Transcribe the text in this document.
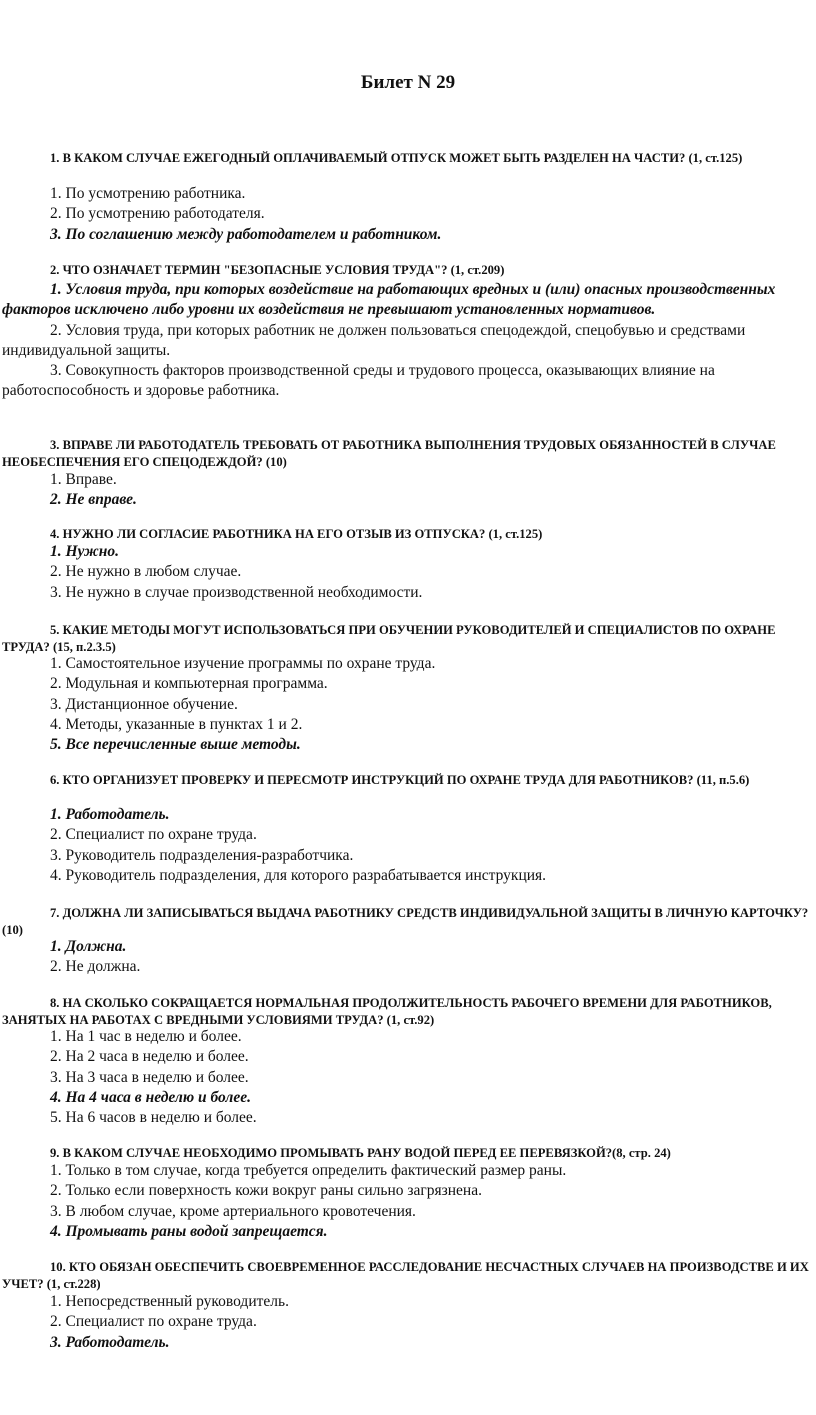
Билет N 29

1. В КАКОМ СЛУЧАЕ ЕЖЕГОДНЫЙ ОПЛАЧИВАЕМЫЙ ОТПУСК МОЖЕТ БЫТЬ РАЗДЕЛЕН НА ЧАСТИ? (1, ст.125)

1. По усмотрению работника.

2. По усмотрению работодателя.

3. По соглашению между работодателем и работником.

2. ЧТО ОЗНАЧАЕТ ТЕРМИН "БЕЗОПАСНЫЕ УСЛОВИЯ ТРУДА"? (1, ст.209)

1. Условия труда, при которых воздействие на работающих вредных и (или) опасных производственных факторов исключено либо уровни их воздействия не превышают установленных нормативов.

2. Условия труда, при которых работник не должен пользоваться спецодеждой, спецобувью и средствами индивидуальной защиты.

3. Совокупность факторов производственной среды и трудового процесса, оказывающих влияние на работоспособность и здоровье работника.

3. ВПРАВЕ ЛИ РАБОТОДАТЕЛЬ ТРЕБОВАТЬ ОТ РАБОТНИКА ВЫПОЛНЕНИЯ ТРУДОВЫХ ОБЯЗАННОСТЕЙ В СЛУЧАЕ НЕОБЕСПЕЧЕНИЯ ЕГО СПЕЦОДЕЖДОЙ? (10)

1. Вправе.

2. Не вправе.

4. НУЖНО ЛИ СОГЛАСИЕ РАБОТНИКА НА ЕГО ОТЗЫВ ИЗ ОТПУСКА? (1, ст.125)

1. Нужно.

2. Не нужно в любом случае.

3. Не нужно в случае производственной необходимости.

5. КАКИЕ МЕТОДЫ МОГУТ ИСПОЛЬЗОВАТЬСЯ ПРИ ОБУЧЕНИИ РУКОВОДИТЕЛЕЙ И СПЕЦИАЛИСТОВ ПО ОХРАНЕ ТРУДА? (15, п.2.3.5)

1. Самостоятельное изучение программы по охране труда.

2. Модульная и компьютерная программа.

3. Дистанционное обучение.

4. Методы, указанные в пунктах 1 и 2.

5. Все перечисленные выше методы.

6. КТО ОРГАНИЗУЕТ ПРОВЕРКУ И ПЕРЕСМОТР ИНСТРУКЦИЙ ПО ОХРАНЕ ТРУДА ДЛЯ РАБОТНИКОВ? (11, п.5.6)

1. Работодатель.

2. Специалист по охране труда.

3. Руководитель подразделения-разработчика.

4. Руководитель подразделения, для которого разрабатывается инструкция.

7. ДОЛЖНА ЛИ ЗАПИСЫВАТЬСЯ ВЫДАЧА РАБОТНИКУ СРЕДСТВ ИНДИВИДУАЛЬНОЙ ЗАЩИТЫ В ЛИЧНУЮ КАРТОЧКУ? (10)

1. Должна.

2. Не должна.

8. НА СКОЛЬКО СОКРАЩАЕТСЯ НОРМАЛЬНАЯ ПРОДОЛЖИТЕЛЬНОСТЬ РАБОЧЕГО ВРЕМЕНИ ДЛЯ РАБОТНИКОВ, ЗАНЯТЫХ НА РАБОТАХ С ВРЕДНЫМИ УСЛОВИЯМИ ТРУДА? (1, ст.92)

1. На 1 час в неделю и более.

2. На 2 часа в неделю и более.

3. На 3 часа в неделю и более.

4. На 4 часа в неделю и более.

5. На 6 часов в неделю и более.

9. В КАКОМ СЛУЧАЕ НЕОБХОДИМО ПРОМЫВАТЬ РАНУ ВОДОЙ ПЕРЕД ЕЕ ПЕРЕВЯЗКОЙ?(8, стр. 24)

1. Только в том случае, когда требуется определить фактический размер раны.

2. Только если поверхность кожи вокруг раны сильно загрязнена.

3. В любом случае, кроме артериального кровотечения.

4. Промывать раны водой запрещается.

10. КТО ОБЯЗАН ОБЕСПЕЧИТЬ СВОЕВРЕМЕННОЕ РАССЛЕДОВАНИЕ НЕСЧАСТНЫХ СЛУЧАЕВ НА ПРОИЗВОДСТВЕ И ИХ УЧЕТ? (1, ст.228)

1. Непосредственный руководитель.

2. Специалист по охране труда.

3. Работодатель.
